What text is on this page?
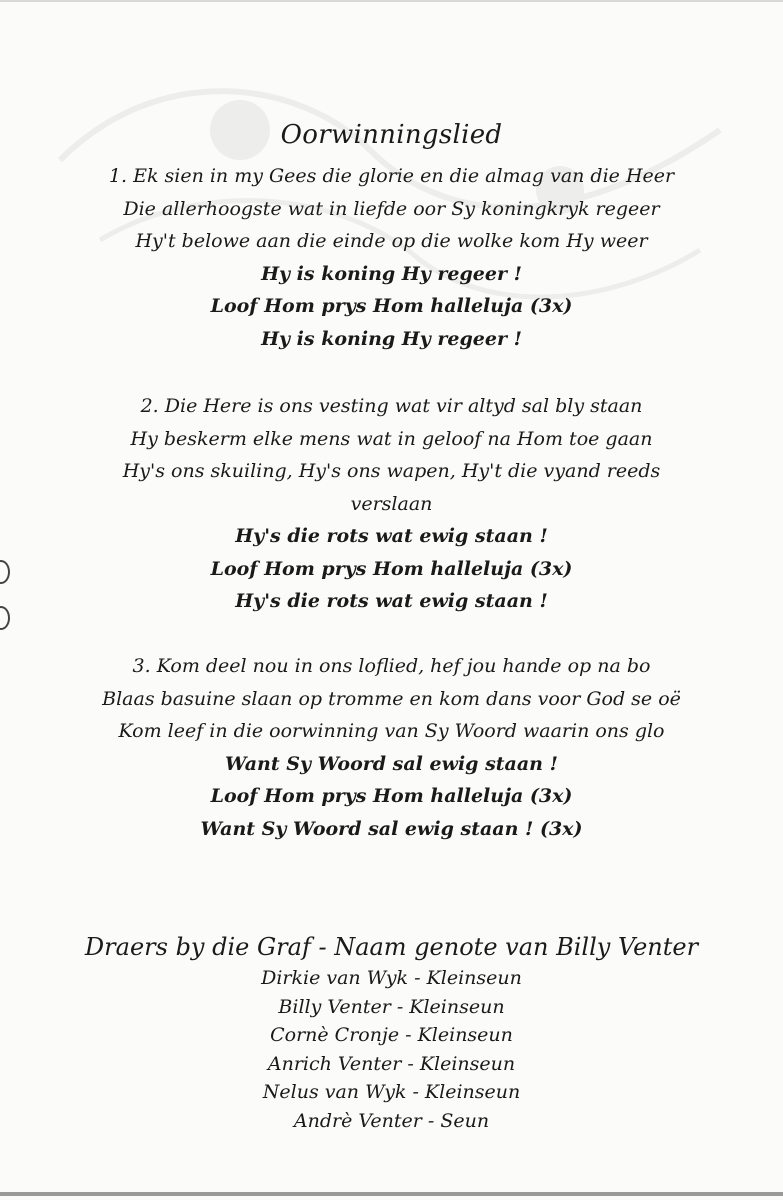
Oorwinningslied
1. Ek sien in my Gees die glorie en die almag van die Heer
Die allerhoogste wat in liefde oor Sy koningkryk regeer
Hy't belowe aan die einde op die wolke kom Hy weer
Hy is koning Hy regeer !
Loof Hom prys Hom halleluja (3x)
Hy is koning Hy regeer !
2. Die Here is ons vesting wat vir altyd sal bly staan
Hy beskerm elke mens wat in geloof na Hom toe gaan
Hy's ons skuiling, Hy's ons wapen, Hy't die vyand reeds
verslaan
Hy's die rots wat ewig staan !
Loof Hom prys Hom halleluja (3x)
Hy's die rots wat ewig staan !
3. Kom deel nou in ons loflied, hef jou hande op na bo
Blaas basuine slaan op tromme en kom dans voor God se oë
Kom leef in die oorwinning van Sy Woord waarin ons glo
Want Sy Woord sal ewig staan !
Loof Hom prys Hom halleluja (3x)
Want Sy Woord sal ewig staan ! (3x)
Draers by die Graf - Naam genote van Billy Venter
Dirkie van Wyk - Kleinseun
Billy Venter - Kleinseun
Cornè Cronje - Kleinseun
Anrich Venter - Kleinseun
Nelus van Wyk - Kleinseun
Andrè Venter - Seun
